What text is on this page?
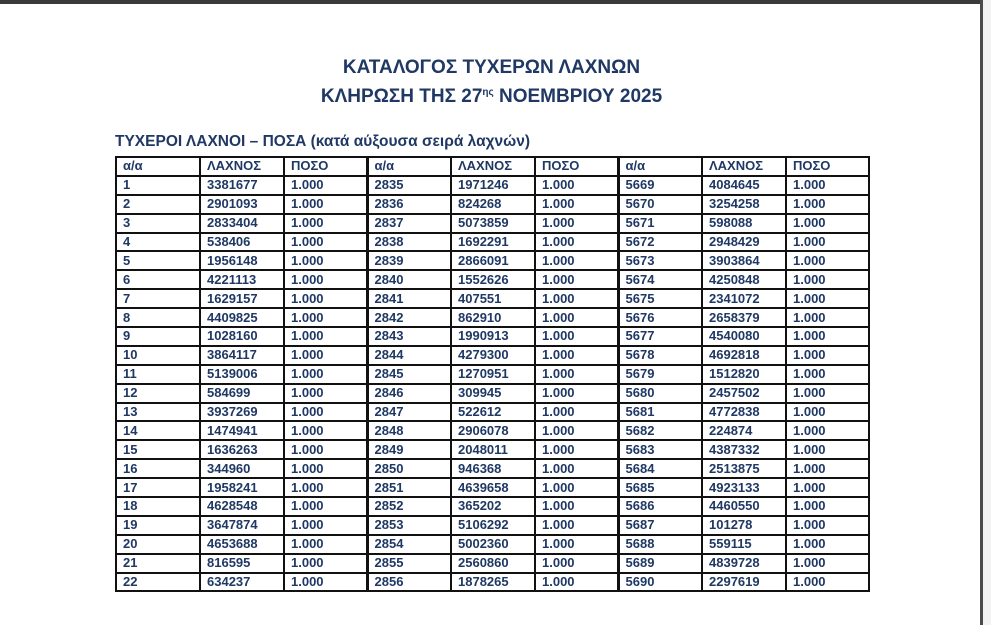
ΚΑΤΑΛΟΓΟΣ ΤΥΧΕΡΩΝ ΛΑΧΝΩΝ
ΚΛΗΡΩΣΗ ΤΗΣ $27^{\eta\varsigma}$ ΝΟΕΜΒΡΙΟΥ 2025
ΤΥΧΕΡΟΙ ΛΑΧΝΟΙ – ΠΟΣΑ (κατά αύξουσα σειρά λαχνών)
α/α	ΛΑΧΝΟΣ	ΠΟΣΟ	α/α	ΛΑΧΝΟΣ	ΠΟΣΟ	α/α	ΛΑΧΝΟΣ	ΠΟΣΟ
1	3381677	1.000	2835	1971246	1.000	5669	4084645	1.000
2	2901093	1.000	2836	824268	1.000	5670	3254258	1.000
3	2833404	1.000	2837	5073859	1.000	5671	598088	1.000
4	538406	1.000	2838	1692291	1.000	5672	2948429	1.000
5	1956148	1.000	2839	2866091	1.000	5673	3903864	1.000
6	4221113	1.000	2840	1552626	1.000	5674	4250848	1.000
7	1629157	1.000	2841	407551	1.000	5675	2341072	1.000
8	4409825	1.000	2842	862910	1.000	5676	2658379	1.000
9	1028160	1.000	2843	1990913	1.000	5677	4540080	1.000
10	3864117	1.000	2844	4279300	1.000	5678	4692818	1.000
11	5139006	1.000	2845	1270951	1.000	5679	1512820	1.000
12	584699	1.000	2846	309945	1.000	5680	2457502	1.000
13	3937269	1.000	2847	522612	1.000	5681	4772838	1.000
14	1474941	1.000	2848	2906078	1.000	5682	224874	1.000
15	1636263	1.000	2849	2048011	1.000	5683	4387332	1.000
16	344960	1.000	2850	946368	1.000	5684	2513875	1.000
17	1958241	1.000	2851	4639658	1.000	5685	4923133	1.000
18	4628548	1.000	2852	365202	1.000	5686	4460550	1.000
19	3647874	1.000	2853	5106292	1.000	5687	101278	1.000
20	4653688	1.000	2854	5002360	1.000	5688	559115	1.000
21	816595	1.000	2855	2560860	1.000	5689	4839728	1.000
22	634237	1.000	2856	1878265	1.000	5690	2297619	1.000
